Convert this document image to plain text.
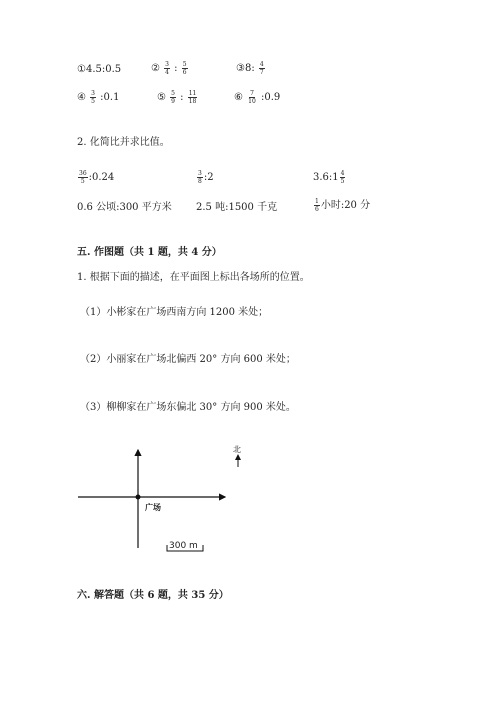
①4.5:0.5	② $\frac{3}{4}$ : $\frac{5}{6}$	③8: $\frac{4}{7}$
④ $\frac{3}{5}$ :0.1	⑤ $\frac{5}{9}$ : $\frac{11}{18}$	⑥ $\frac{7}{10}$ :0.9
2. 化简比并求比值。
$\frac{36}{5}$ :0.24	$\frac{3}{8}$ :2	3.6:1 $\frac{4}{5}$
0.6 公顷:300 平方米 2.5 吨:1500 千克	$\frac{1}{6}$ 小时:20 分
五. 作图题（共 1 题，共 4 分）
1. 根据下面的描述，在平面图上标出各场所的位置。
（1）小彬家在广场西南方向 1200 米处；
（2）小丽家在广场北偏西 20° 方向 600 米处；
（3）柳柳家在广场东偏北 30° 方向 900 米处。
北
广场
300 m
六. 解答题（共 6 题，共 35 分）
